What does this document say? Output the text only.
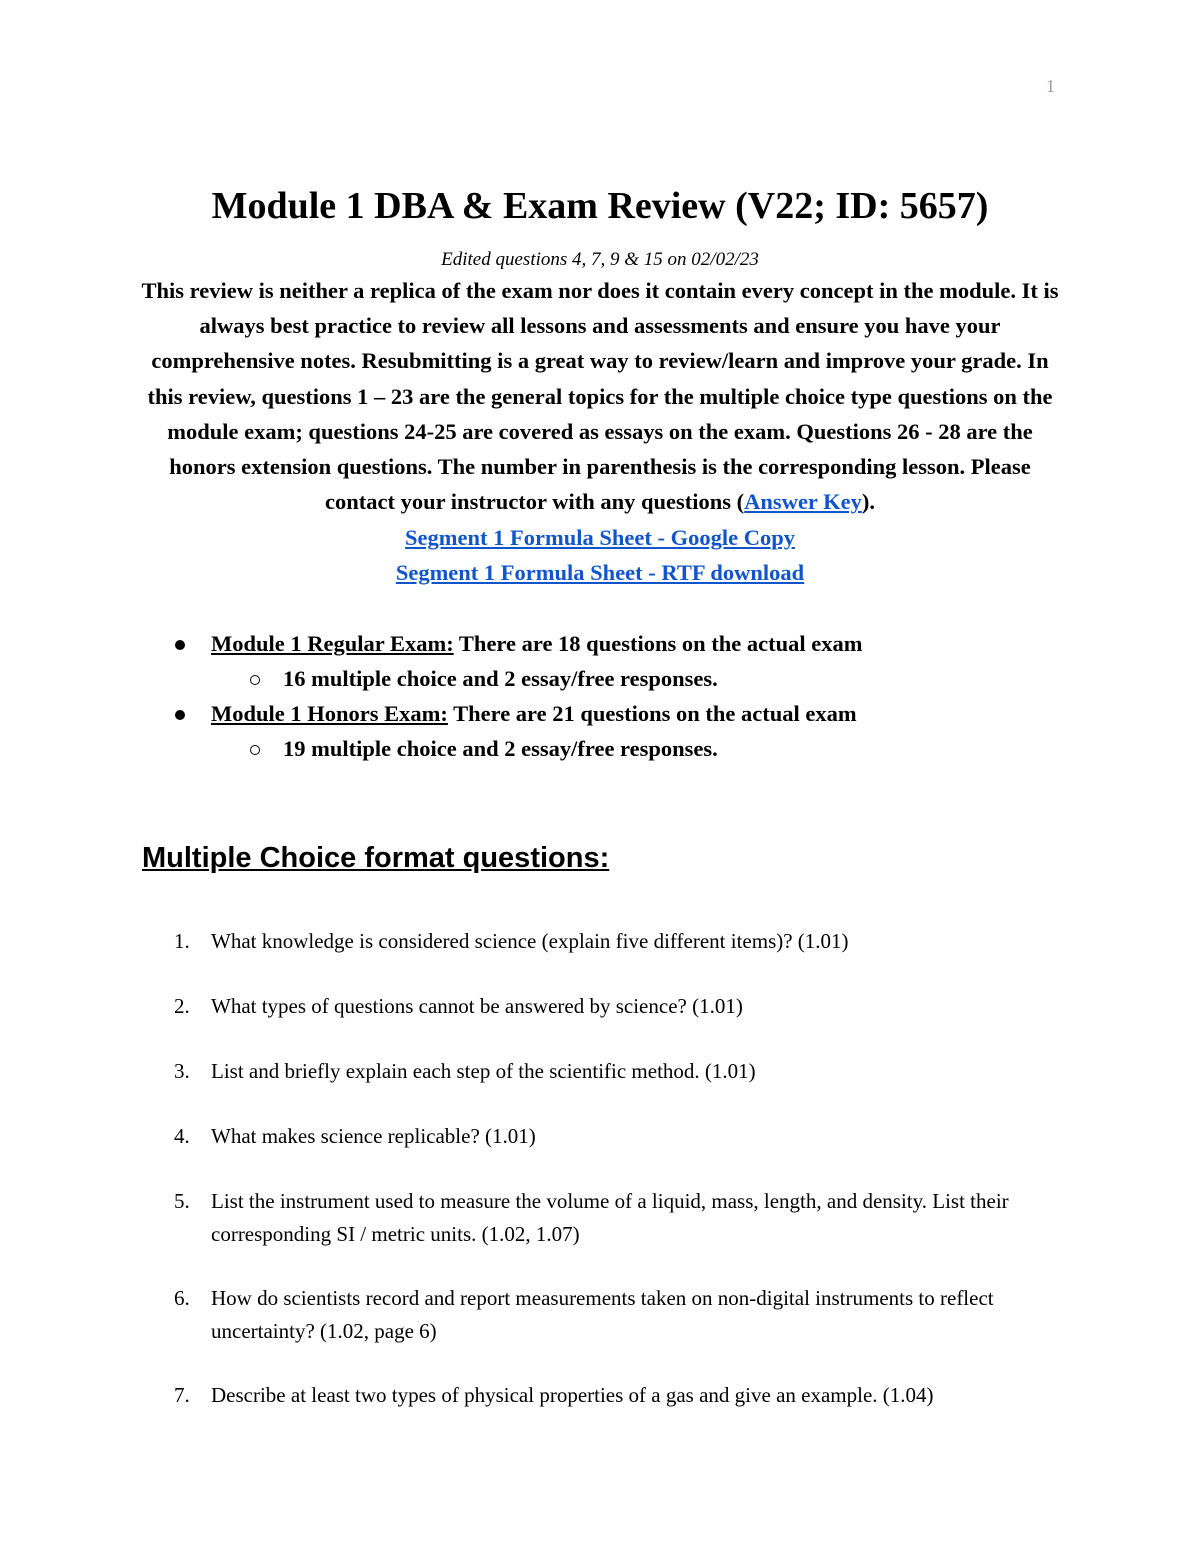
1
Module 1 DBA & Exam Review (V22; ID: 5657)
Edited questions 4, 7, 9 & 15 on 02/02/23

This review is neither a replica of the exam nor does it contain every concept in the module. It is always best practice to review all lessons and assessments and ensure you have your comprehensive notes. Resubmitting is a great way to review/learn and improve your grade. In this review, questions 1 – 23 are the general topics for the multiple choice type questions on the module exam; questions 24-25 are covered as essays on the exam. Questions 26 - 28 are the honors extension questions. The number in parenthesis is the corresponding lesson. Please contact your instructor with any questions (Answer Key).

Segment 1 Formula Sheet - Google Copy
Segment 1 Formula Sheet - RTF download
Module 1 Regular Exam: There are 18 questions on the actual exam
16 multiple choice and 2 essay/free responses.
Module 1 Honors Exam: There are 21 questions on the actual exam
19 multiple choice and 2 essay/free responses.
Multiple Choice format questions:
1. What knowledge is considered science (explain five different items)? (1.01)
2. What types of questions cannot be answered by science? (1.01)
3. List and briefly explain each step of the scientific method. (1.01)
4. What makes science replicable? (1.01)
5. List the instrument used to measure the volume of a liquid, mass, length, and density. List their corresponding SI / metric units. (1.02, 1.07)
6. How do scientists record and report measurements taken on non-digital instruments to reflect uncertainty? (1.02, page 6)
7. Describe at least two types of physical properties of a gas and give an example. (1.04)
